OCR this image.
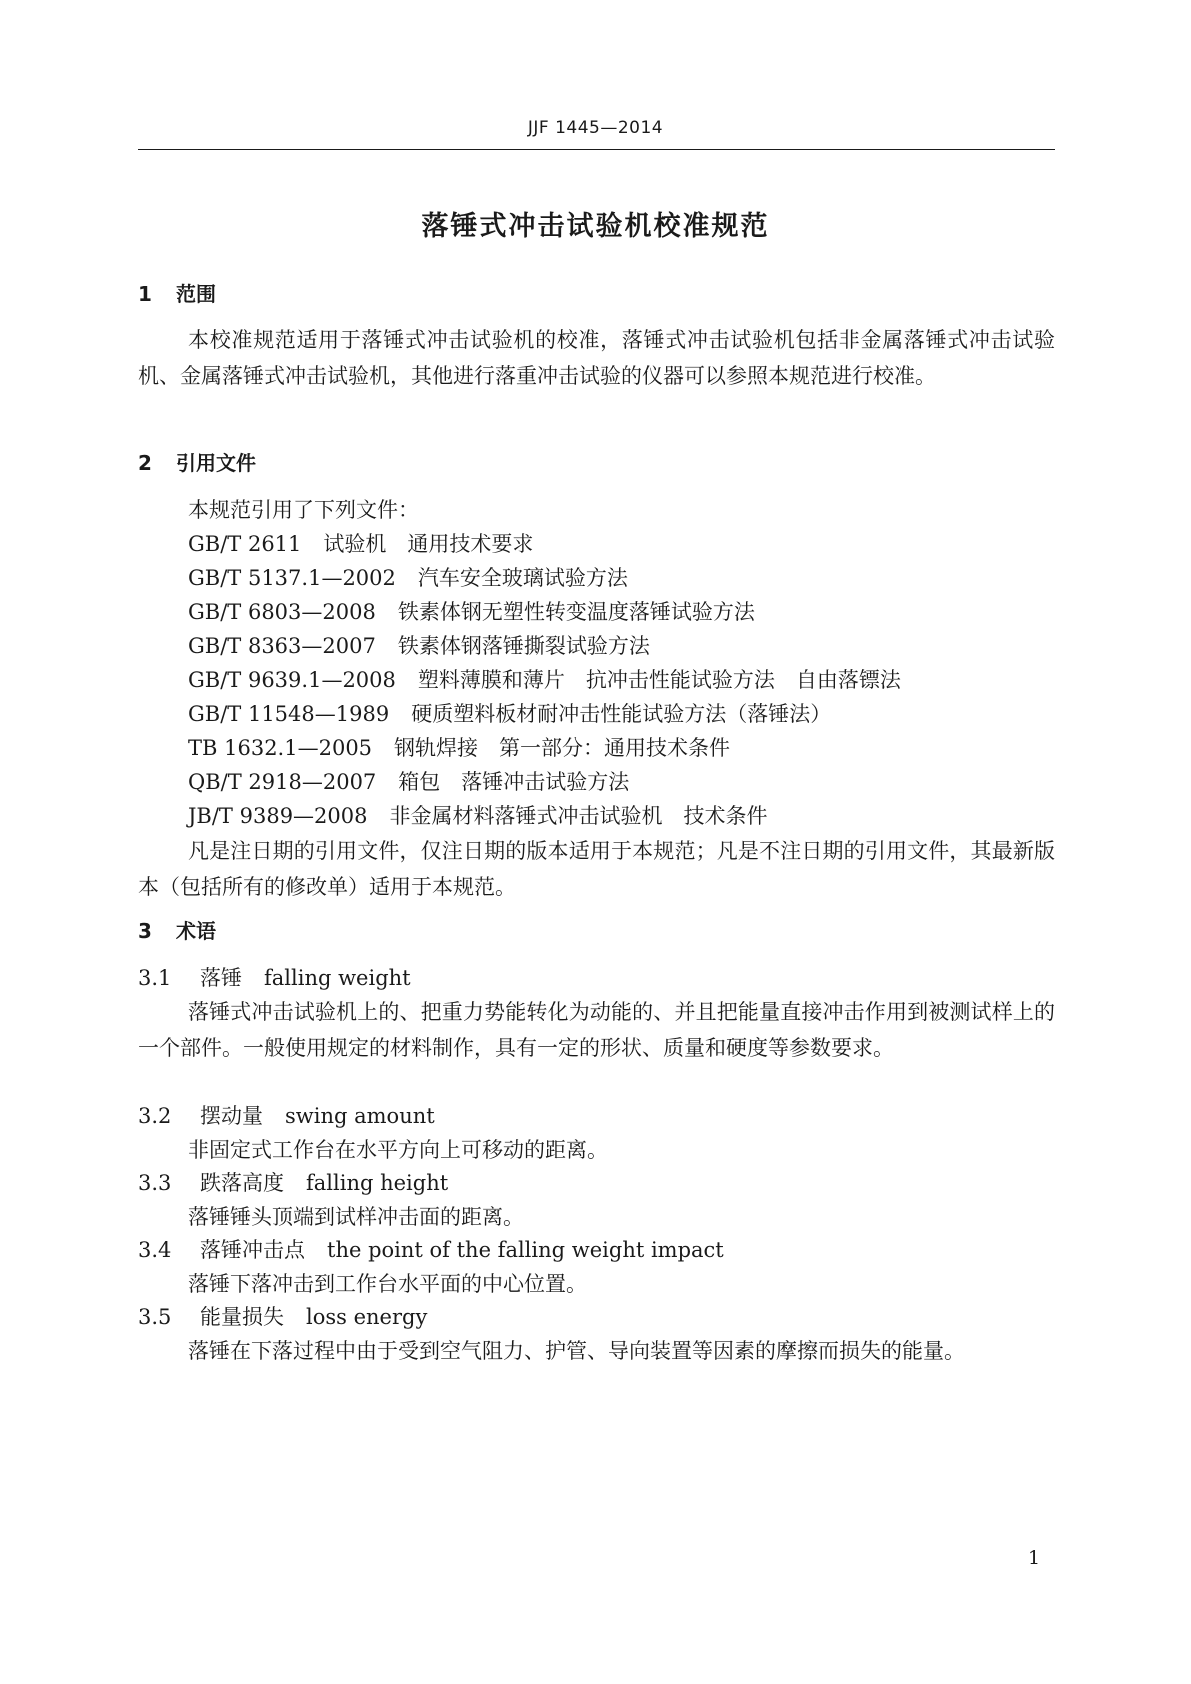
JJF 1445—2014
落锤式冲击试验机校准规范
1 范围

本校准规范适用于落锤式冲击试验机的校准，落锤式冲击试验机包括非金属落锤式冲击试验机、金属落锤式冲击试验机，其他进行落重冲击试验的仪器可以参照本规范进行校准。

2 引用文件
本规范引用了下列文件：
GB/T 2611 试验机　通用技术要求
GB/T 5137.1—2002 汽车安全玻璃试验方法
GB/T 6803—2008 铁素体钢无塑性转变温度落锤试验方法
GB/T 8363—2007 铁素体钢落锤撕裂试验方法
GB/T 9639.1—2008 塑料薄膜和薄片　抗冲击性能试验方法　自由落镖法
GB/T 11548—1989 硬质塑料板材耐冲击性能试验方法（落锤法）
TB 1632.1—2005 钢轨焊接　第一部分：通用技术条件
QB/T 2918—2007 箱包　落锤冲击试验方法
JB/T 9389—2008 非金属材料落锤式冲击试验机　技术条件

凡是注日期的引用文件，仅注日期的版本适用于本规范；凡是不注日期的引用文件，其最新版本（包括所有的修改单）适用于本规范。

3 术语
3.1 落锤 falling weight

落锤式冲击试验机上的、把重力势能转化为动能的、并且把能量直接冲击作用到被测试样上的一个部件。一般使用规定的材料制作，具有一定的形状、质量和硬度等参数要求。

3.2 摆动量 swing amount

非固定式工作台在水平方向上可移动的距离。

3.3 跌落高度 falling height

落锤锤头顶端到试样冲击面的距离。

3.4 落锤冲击点 the point of the falling weight impact

落锤下落冲击到工作台水平面的中心位置。

3.5 能量损失 loss energy

落锤在下落过程中由于受到空气阻力、护管、导向装置等因素的摩擦而损失的能量。

1
